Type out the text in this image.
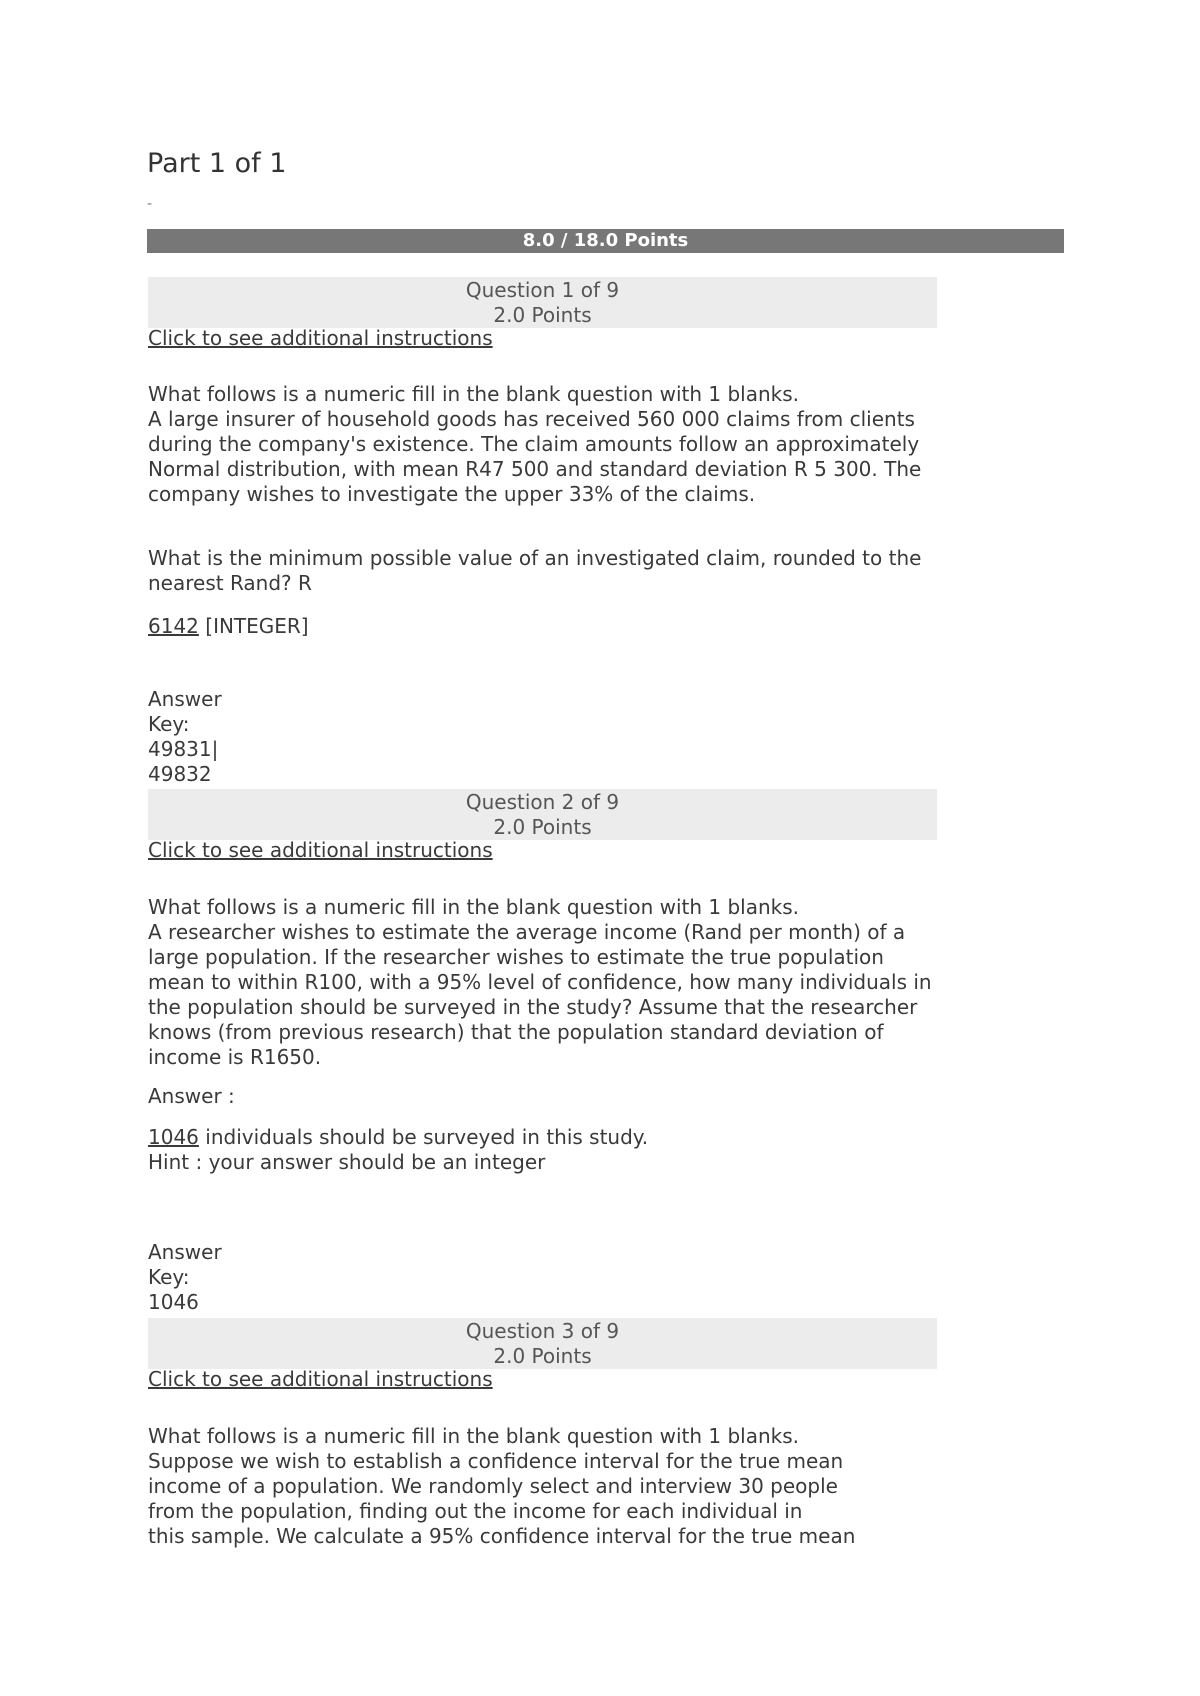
Part 1 of 1
-
8.0 / 18.0 Points
Question 1 of 9
2.0 Points
Click to see additional instructions

What follows is a numeric fill in the blank question with 1 blanks.

A large insurer of household goods has received 560 000 claims from clients during the company's existence. The claim amounts follow an approximately Normal distribution, with mean R47 500 and standard deviation R 5 300. The company wishes to investigate the upper 33% of the claims.

What is the minimum possible value of an investigated claim, rounded to the nearest Rand? R

6142 [INTEGER]

Answer
Key:
49831|
49832
Question 2 of 9
2.0 Points
Click to see additional instructions

What follows is a numeric fill in the blank question with 1 blanks.

A researcher wishes to estimate the average income (Rand per month) of a large population. If the researcher wishes to estimate the true population mean to within R100, with a 95% level of confidence, how many individuals in the population should be surveyed in the study? Assume that the researcher knows (from previous research) that the population standard deviation of income is R1650.

Answer :

1046 individuals should be surveyed in this study.

Hint : your answer should be an integer

Answer
Key:
1046
Question 3 of 9
2.0 Points
Click to see additional instructions

What follows is a numeric fill in the blank question with 1 blanks.

Suppose we wish to establish a confidence interval for the true mean
income of a population. We randomly select and interview 30 people
from the population, finding out the income for each individual in
this sample. We calculate a 95% confidence interval for the true mean
